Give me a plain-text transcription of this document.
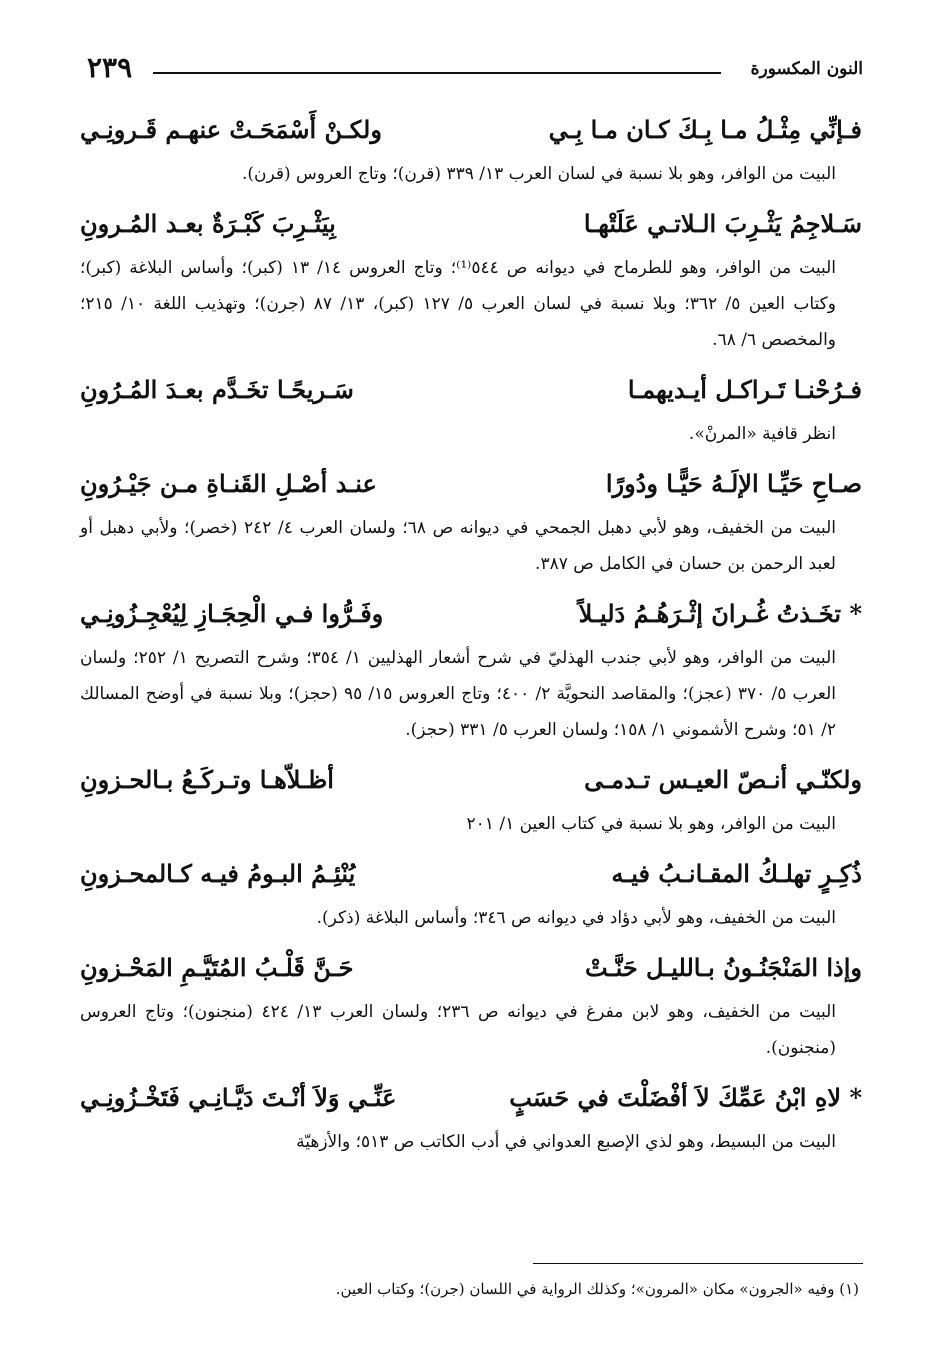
٢٣٩	النون المكسورة
فـإنِّي مِثْـلُ مـا بِـكَ كـان مـا بِـي
ولكـنْ أَسْمَحَـتْ عنهـم قَـرونِـي

البيت من الوافر، وهو بلا نسبة في لسان العرب ١٣/ ٣٣٩ (قرن)؛ وتاج العروس (قرن).

سَـلاجِمُ يَثْـرِبَ الـلاتـي عَلَتْهـا
بِيَثْـرِبَ كَبْـرَةٌ بعـد المُـرونِ

البيت من الوافر، وهو للطرماح في ديوانه ص ٥٤٤⁽¹⁾؛ وتاج العروس ١٤/ ١٣ (كبر)؛ وأساس البلاغة (كبر)؛ وكتاب العين ٥/ ٣٦٢؛ وبلا نسبة في لسان العرب ٥/ ١٢٧ (كبر)، ١٣/ ٨٧ (جرن)؛ وتهذيب اللغة ١٠/ ٢١٥؛ والمخصص ٦/ ٦٨.

فـرُحْنـا تَـراكـل أيـديهمـا
سَـريحًـا تخَـدَّم بعـدَ المُـرُونِ

انظر قافية «المرنْ».

صـاحِ حَيِّـا الإلَـهُ حَيًّـا ودُورًا
عنـد أصْـلِ القَنـاةِ مـن جَيْـرُونِ

البيت من الخفيف، وهو لأبي دهبل الجمحي في ديوانه ص ٦٨؛ ولسان العرب ٤/ ٢٤٢ (خصر)؛ ولأبي دهبل أو لعبد الرحمن بن حسان في الكامل ص ٣٨٧.

* تخَـذتُ غُـرانَ إثْـرَهُـمُ دَليـلاً
وفَـرُّوا فـي الْحِجَـازِ لِيُعْجِـزُونِـي

البيت من الوافر، وهو لأبي جندب الهذليّ في شرح أشعار الهذليين ١/ ٣٥٤؛ وشرح التصريح ١/ ٢٥٢؛ ولسان العرب ٥/ ٣٧٠ (عجز)؛ والمقاصد النحويَّة ٢/ ٤٠٠؛ وتاج العروس ١٥/ ٩٥ (حجز)؛ وبلا نسبة في أوضح المسالك ٢/ ٥١؛ وشرح الأشموني ١/ ١٥٨؛ ولسان العرب ٥/ ٣٣١ (حجز).

ولكنّـي أنـصّ العيـس تـدمـى
أظـلاّهـا وتـركَـعُ بـالحـزونِ

البيت من الوافر، وهو بلا نسبة في كتاب العين ١/ ٢٠١

ذُكِـرٍ تهلـكُ المقـانـبُ فيـه
يُنْئِـمُ البـومُ فيـه كـالمحـزونِ

البيت من الخفيف، وهو لأبي دؤاد في ديوانه ص ٣٤٦؛ وأساس البلاغة (ذكر).

وإذا المَنْجَنُـونُ بـالليـل حَنَّـتْ
حَـنَّ قَلْـبُ المُتَيَّـمِ المَحْـزونِ

البيت من الخفيف، وهو لابن مفرغ في ديوانه ص ٢٣٦؛ ولسان العرب ١٣/ ٤٢٤ (منجنون)؛ وتاج العروس (منجنون).

* لاهِ ابْنُ عَمِّكَ لاَ أفْضَلْتَ في حَسَبٍ
عَنِّـي وَلاَ أنْـتَ دَيَّـانِـي فَتَخْـزُونِـي

البيت من البسيط، وهو لذي الإصبع العدواني في أدب الكاتب ص ٥١٣؛ والأزهيّة

(١) وفيه «الجرون» مكان «المرون»؛ وكذلك الرواية في اللسان (جرن)؛ وكتاب العين.
